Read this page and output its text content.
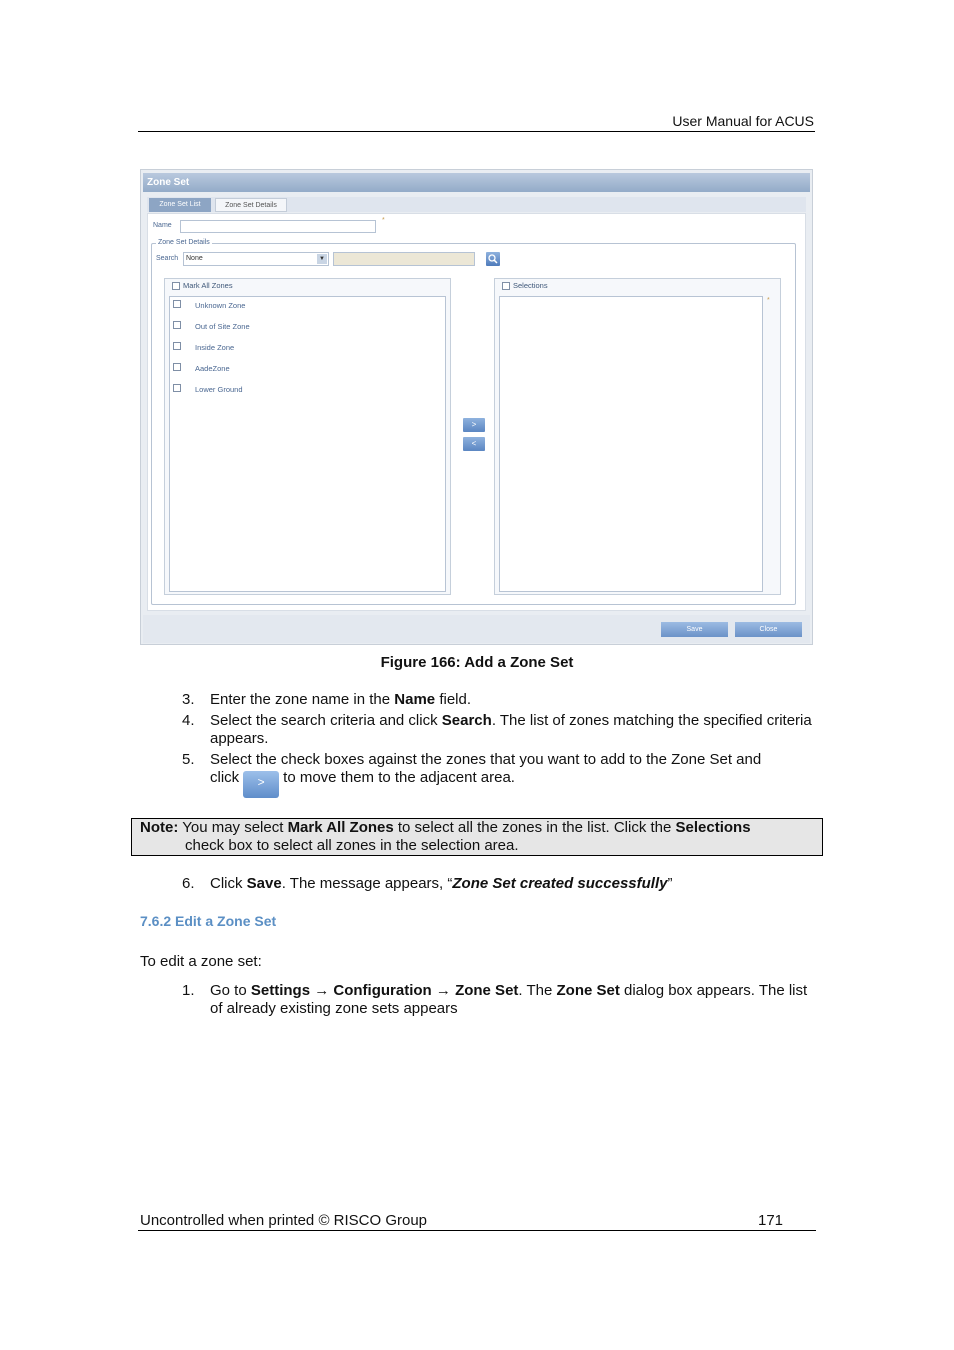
User Manual for ACUS
Zone Set
Zone Set List	Zone Set Details
Name
*
Zone Set Details
Search	None	▼
Mark All Zones
Unknown Zone
Out of Site Zone
Inside Zone
AadeZone
Lower Ground
>
<
Selections
*
Save	Close
Figure 166: Add a Zone Set
3. Enter the zone name in the Name field.
4. Select the search criteria and click Search. The list of zones matching the specified criteria appears.
5. Select the check boxes against the zones that you want to add to the Zone Set and
click > to move them to the adjacent area.
Note: You may select Mark All Zones to select all the zones in the list. Click the Selections
check box to select all zones in the selection area.
6. Click Save. The message appears, “Zone Set created successfully”
7.6.2 Edit a Zone Set
To edit a zone set:
1. Go to Settings → Configuration → Zone Set. The Zone Set dialog box appears. The list of already existing zone sets appears
Uncontrolled when printed © RISCO Group	171
